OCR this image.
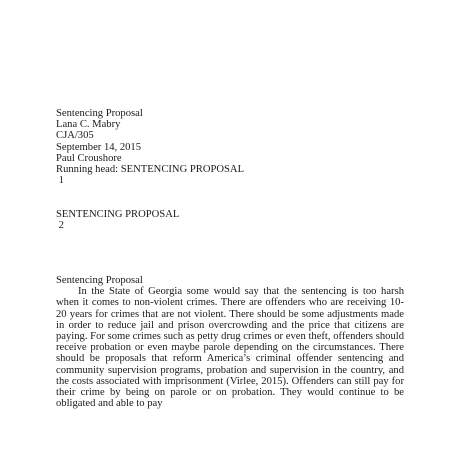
Sentencing Proposal
Lana C. Mabry
CJA/305
September 14, 2015
Paul Croushore
Running head: SENTENCING PROPOSAL
1
SENTENCING PROPOSAL
2
Sentencing Proposal
In the State of Georgia some would say that the sentencing is too harsh when it comes to non-violent crimes. There are offenders who are receiving 10-20 years for crimes that are not violent. There should be some adjustments made in order to reduce jail and prison overcrowding and the price that citizens are paying. For some crimes such as petty drug crimes or even theft, offenders should receive probation or even maybe parole depending on the circumstances. There should be proposals that reform America’s criminal offender sentencing and community supervision programs, probation and supervision in the country, and the costs associated with imprisonment (Virlee, 2015). Offenders can still pay for their crime by being on parole or on probation. They would continue to be obligated and able to pay
